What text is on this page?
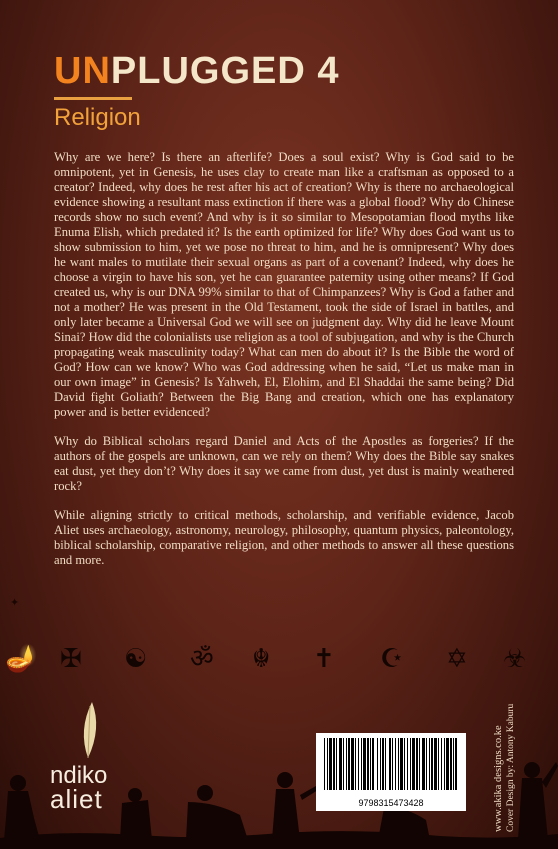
UNPLUGGED 4
Religion

Why are we here? Is there an afterlife? Does a soul exist? Why is God said to be omnipotent, yet in Genesis, he uses clay to create man like a craftsman as opposed to a creator? Indeed, why does he rest after his act of creation? Why is there no archaeological evidence showing a resultant mass extinction if there was a global flood? Why do Chinese records show no such event? And why is it so similar to Mesopotamian flood myths like Enuma Elish, which predated it? Is the earth optimized for life? Why does God want us to show submission to him, yet we pose no threat to him, and he is omnipresent? Why does he want males to mutilate their sexual organs as part of a covenant? Indeed, why does he choose a virgin to have his son, yet he can guarantee paternity using other means? If God created us, why is our DNA 99% similar to that of Chimpanzees? Why is God a father and not a mother? He was present in the Old Testament, took the side of Israel in battles, and only later became a Universal God we will see on judgment day. Why did he leave Mount Sinai? How did the colonialists use religion as a tool of subjugation, and why is the Church propagating weak masculinity today? What can men do about it? Is the Bible the word of God? How can we know? Who was God addressing when he said, “Let us make man in our own image” in Genesis? Is Yahweh, El, Elohim, and El Shaddai the same being? Did David fight Goliath? Between the Big Bang and creation, which one has explanatory power and is better evidenced?

Why do Biblical scholars regard Daniel and Acts of the Apostles as forgeries? If the authors of the gospels are unknown, can we rely on them? Why does the Bible say snakes eat dust, yet they don’t? Why does it say we came from dust, yet dust is mainly weathered rock?

While aligning strictly to critical methods, scholarship, and verifiable evidence, Jacob Aliet uses archaeology, astronomy, neurology, philosophy, quantum physics, paleontology, biblical scholarship, comparative religion, and other methods to answer all these questions and more.

✦
🪔 ✠ ☯ ॐ ☬ ✝ ☪ ✡ ☣
ndiko
aliet	9798315473428	Cover Design by: Antony Kaburu
www.akika designs.co.ke
